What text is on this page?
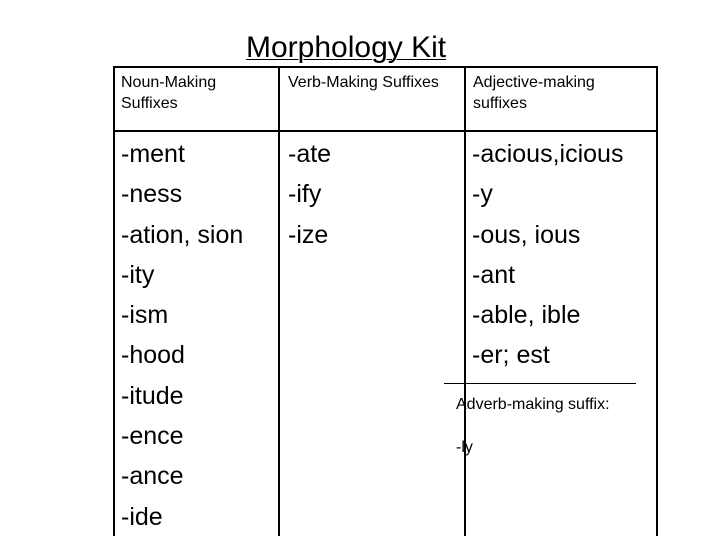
Morphology Kit
Noun-Making Suffixes
Verb-Making Suffixes Adjective-making suffixes
-ment
-ness
-ation, sion
-ity
-ism
-hood
-itude
-ence
-ance
-ide
-ate
-ify
-ize
-acious,icious
-y
-ous, ious
-ant
-able, ible
-er; est
Adverb-making suffix:
-ly
